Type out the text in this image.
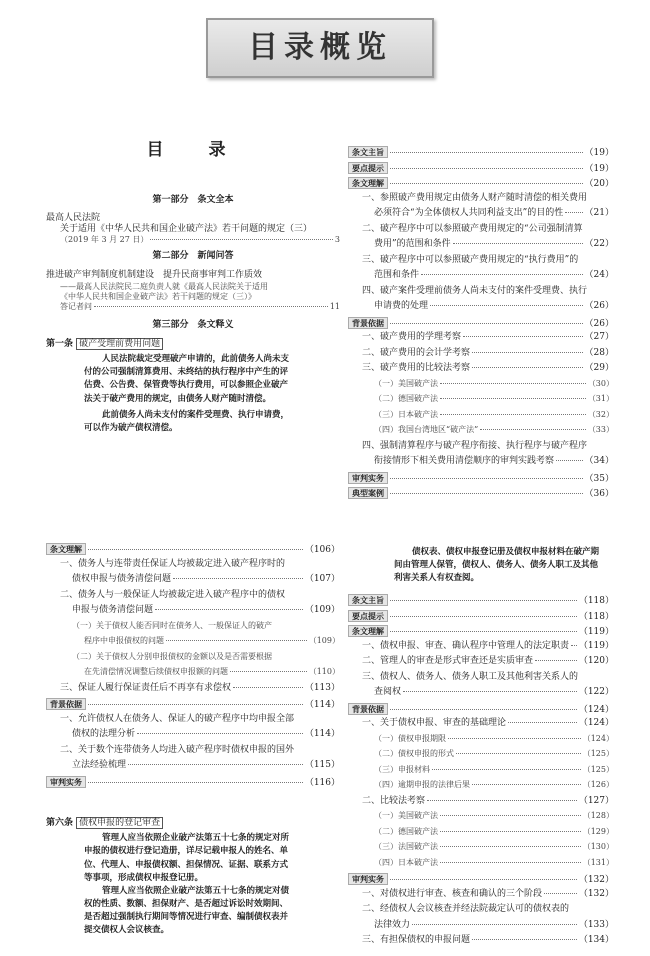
目录概览
目　录
第一部分　条文全本
最高人民法院
关于适用《中华人民共和国企业破产法》若干问题的规定（三）
（2019 年 3 月 27 日）	3
第二部分　新闻问答
推进破产审判制度机制建设　提升民商事审判工作质效
——最高人民法院民二庭负责人就《最高人民法院关于适用
《中华人民共和国企业破产法》若干问题的规定（三）》
答记者问	11
第三部分　条文释义
第一条 破产受理前费用问题
人民法院裁定受理破产申请的，此前债务人尚未支
付的公司强制清算费用、未终结的执行程序中产生的评
估费、公告费、保管费等执行费用，可以参照企业破产
法关于破产费用的规定，由债务人财产随时清偿。
此前债务人尚未支付的案件受理费、执行申请费，
可以作为破产债权清偿。
条文理解	（106）
一、债务人与连带责任保证人均被裁定进入破产程序时的
债权申报与债务清偿问题	（107）
二、债务人与一般保证人均被裁定进入破产程序中的债权
申报与债务清偿问题	（109）
（一）关于债权人能否同时在债务人、一般保证人的破产
程序中申报债权的问题	（109）
（二）关于债权人分别申报债权的金额以及是否需要根据
在先清偿情况调整后续债权申报额的问题	（110）
三、保证人履行保证责任后不再享有求偿权	（113）
背景依据	（114）
一、允许债权人在债务人、保证人的破产程序中均申报全部
债权的法理分析	（114）
二、关于数个连带债务人均进入破产程序时债权申报的国外
立法经验梳理	（115）
审判实务	（116）
第六条 债权申报的登记审查
管理人应当依照企业破产法第五十七条的规定对所
申报的债权进行登记造册，详尽记载申报人的姓名、单
位、代理人、申报债权额、担保情况、证据、联系方式
等事项，形成债权申报登记册。
管理人应当依照企业破产法第五十七条的规定对债
权的性质、数额、担保财产、是否超过诉讼时效期间、
是否超过强制执行期间等情况进行审查、编制债权表并
提交债权人会议核查。
条文主旨	（19）
要点提示	（19）
条文理解	（20）
一、参照破产费用规定由债务人财产随时清偿的相关费用
必须符合“为全体债权人共同利益支出”的目的性 （21）
二、破产程序中可以参照破产费用规定的“公司强制清算
费用”的范围和条件	（22）
三、破产程序中可以参照破产费用规定的“执行费用”的
范围和条件	（24）
四、破产案件受理前债务人尚未支付的案件受理费、执行
申请费的处理	（26）
背景依据	（26）
一、破产费用的学理考察	（27）
二、破产费用的会计学考察	（28）
三、破产费用的比较法考察	（29）
（一）美国破产法	（30）
（二）德国破产法	（31）
（三）日本破产法	（32）
（四）我国台湾地区“破产法”	（33）
四、强制清算程序与破产程序衔接、执行程序与破产程序
衔接情形下相关费用清偿顺序的审判实践考察	（34）
审判实务	（35）
典型案例	（36）
债权表、债权申报登记册及债权申报材料在破产期
间由管理人保管，债权人、债务人、债务人职工及其他
利害关系人有权查阅。
条文主旨	（118）
要点提示	（118）
条文理解	（119）
一、债权申报、审查、确认程序中管理人的法定职责 （119）
二、管理人的审查是形式审查还是实质审查	（120）
三、债权人、债务人、债务人职工及其他利害关系人的
查阅权	（122）
背景依据	（124）
一、关于债权申报、审查的基础理论	（124）
（一）债权申报期限	（124）
（二）债权申报的形式	（125）
（三）申报材料	（125）
（四）逾期申报的法律后果	（126）
二、比较法考察	（127）
（一）美国破产法	（128）
（二）德国破产法	（129）
（三）法国破产法	（130）
（四）日本破产法	（131）
审判实务	（132）
一、对债权进行审查、核查和确认的三个阶段	（132）
二、经债权人会议核查并经法院裁定认可的债权表的
法律效力	（133）
三、有担保债权的申报问题	（134）
